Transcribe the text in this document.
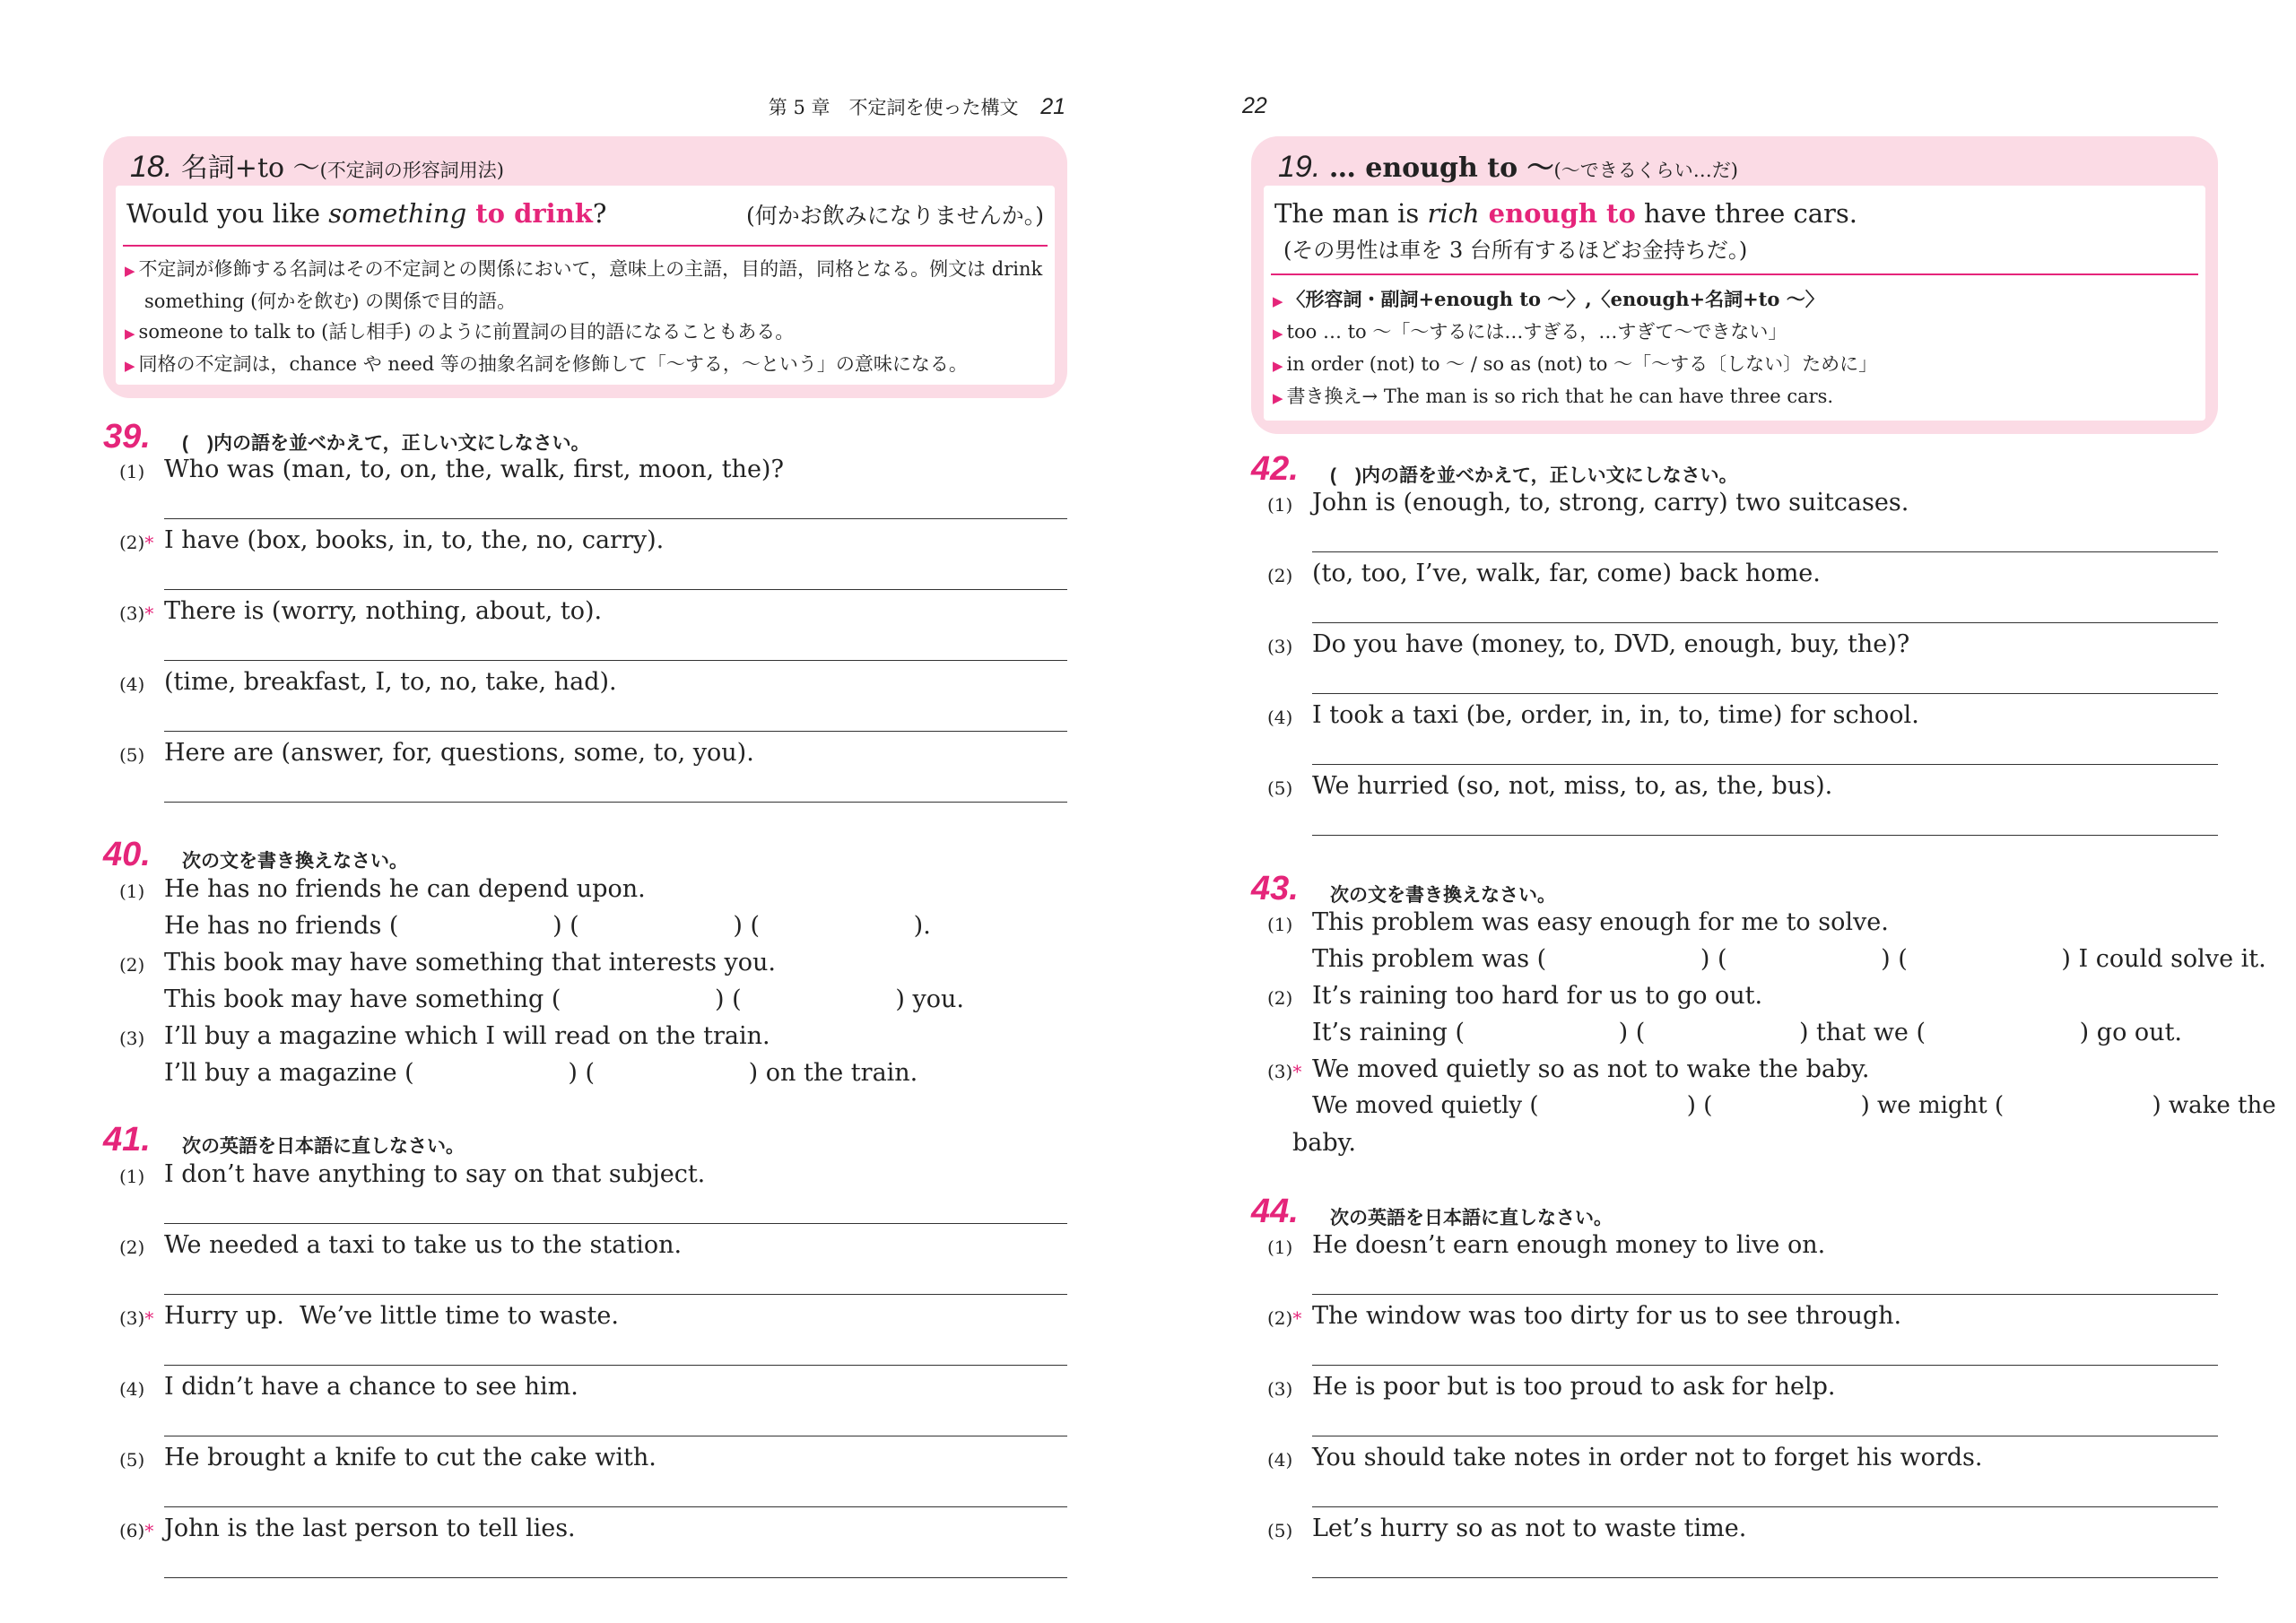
第 5 章　不定詞を使った構文 21
18. 名詞+to ～(不定詞の形容詞用法)
Would you like something to drink?	(何かお飲みになりませんか。)
▶ 不定詞が修飾する名詞はその不定詞との関係において，意味上の主語，目的語，同格となる。例文は drink
something (何かを飲む) の関係で目的語。
▶ someone to talk to (話し相手) のように前置詞の目的語になることもある。
▶ 同格の不定詞は，chance や need 等の抽象名詞を修飾して「～する，～という」の意味になる。
39. (　)内の語を並べかえて，正しい文にしなさい。
(1) Who was (man, to, on, the, walk, first, moon, the)?
(2)* I have (box, books, in, to, the, no, carry).
(3)* There is (worry, nothing, about, to).
(4) (time, breakfast, I, to, no, take, had).
(5) Here are (answer, for, questions, some, to, you).
40. 次の文を書き換えなさい。
(1) He has no friends he can depend upon.
He has no friends (                    ) (                    ) (                    ).
(2) This book may have something that interests you.
This book may have something (                    ) (                    ) you.
(3) I’ll buy a magazine which I will read on the train.
I’ll buy a magazine (                    ) (                    ) on the train.
41. 次の英語を日本語に直しなさい。
(1) I don’t have anything to say on that subject.
(2) We needed a taxi to take us to the station.
(3)* Hurry up.  We’ve little time to waste.
(4) I didn’t have a chance to see him.
(5) He brought a knife to cut the cake with.
(6)* John is the last person to tell lies.
22
19. … enough to ～(～できるくらい…だ)
The man is rich enough to have three cars.
(その男性は車を 3 台所有するほどお金持ちだ。)
▶ 〈形容詞・副詞+enough to ～〉,〈enough+名詞+to ～〉
▶ too … to ～「～するには…すぎる，…すぎて～できない」
▶ in order (not) to ～ / so as (not) to ～「～する〔しない〕ために」
▶ 書き換え→ The man is so rich that he can have three cars.
42. (　)内の語を並べかえて，正しい文にしなさい。
(1) John is (enough, to, strong, carry) two suitcases.
(2) (to, too, I’ve, walk, far, come) back home.
(3) Do you have (money, to, DVD, enough, buy, the)?
(4) I took a taxi (be, order, in, in, to, time) for school.
(5) We hurried (so, not, miss, to, as, the, bus).
43. 次の文を書き換えなさい。
(1) This problem was easy enough for me to solve.
This problem was (                    ) (                    ) (                    ) I could solve it.
(2) It’s raining too hard for us to go out.
It’s raining (                    ) (                    ) that we (                    ) go out.
(3)* We moved quietly so as not to wake the baby.
We moved quietly (                    ) (                    ) we might (                    ) wake the
baby.
44. 次の英語を日本語に直しなさい。
(1) He doesn’t earn enough money to live on.
(2)* The window was too dirty for us to see through.
(3) He is poor but is too proud to ask for help.
(4) You should take notes in order not to forget his words.
(5) Let’s hurry so as not to waste time.
